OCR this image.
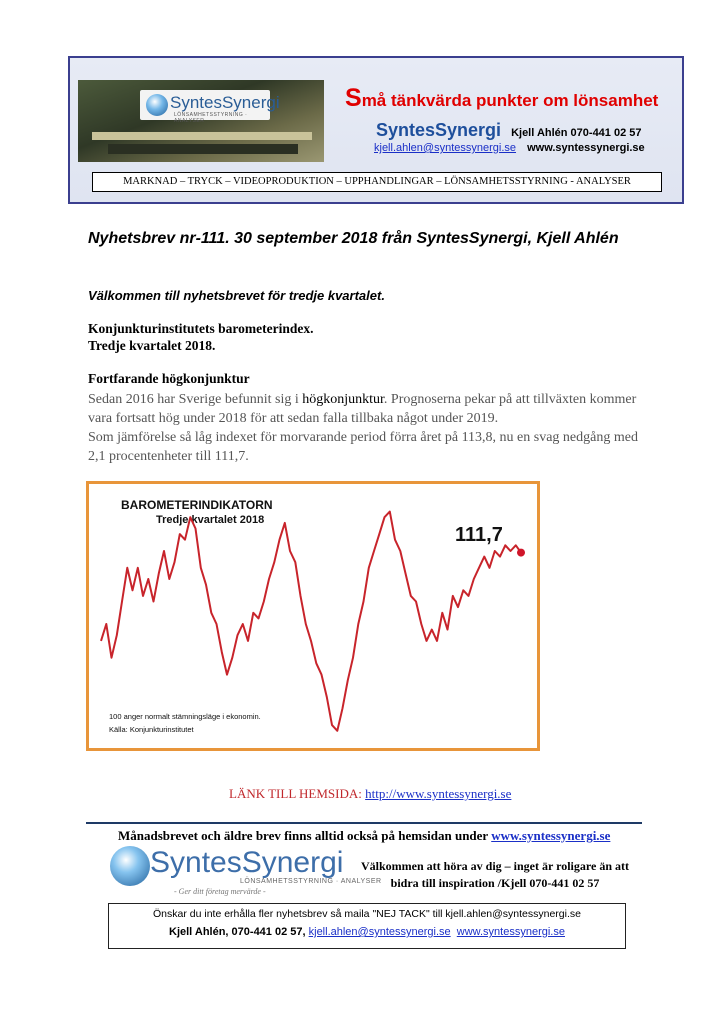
SyntesSynergi
LÖNSAMHETSSTYRNING · ANALYSER
Små tänkvärda punkter om lönsamhet
SyntesSynergi Kjell Ahlén 070-441 02 57
kjell.ahlen@syntessynergi.se www.syntessynergi.se
MARKNAD – TRYCK – VIDEOPRODUKTION – UPPHANDLINGAR – LÖNSAMHETSSTYRNING - ANALYSER
Nyhetsbrev nr-111. 30 september 2018 från SyntesSynergi, Kjell Ahlén
Välkommen till nyhetsbrevet för tredje kvartalet.
Konjunkturinstitutets barometerindex.
Tredje kvartalet 2018.
Fortfarande högkonjunktur
Sedan 2016 har Sverige befunnit sig i högkonjunktur. Prognoserna pekar på att tillväxten kommer vara fortsatt hög under 2018 för att sedan falla tillbaka något under 2019.
Som jämförelse så låg indexet för morvarande period förra året på 113,8, nu en svag nedgång med 2,1 procentenheter till 111,7.
BAROMETERINDIKATORN
Tredje kvartalet 2018
111,7
100 anger normalt stämningsläge i ekonomin.
Källa: Konjunkturinstitutet
LÄNK TILL HEMSIDA: http://www.syntessynergi.se
Månadsbrevet och äldre brev finns alltid också på hemsidan under www.syntessynergi.se
SyntesSynergi
LÖNSAMHETSSTYRNING · ANALYSER
- Ger ditt företag mervärde -
Välkommen att höra av dig – inget är roligare än att
bidra till inspiration /Kjell 070-441 02 57
Önskar du inte erhålla fler nyhetsbrev så maila "NEJ TACK" till kjell.ahlen@syntessynergi.se
Kjell Ahlén, 070-441 02 57, kjell.ahlen@syntessynergi.se www.syntessynergi.se
